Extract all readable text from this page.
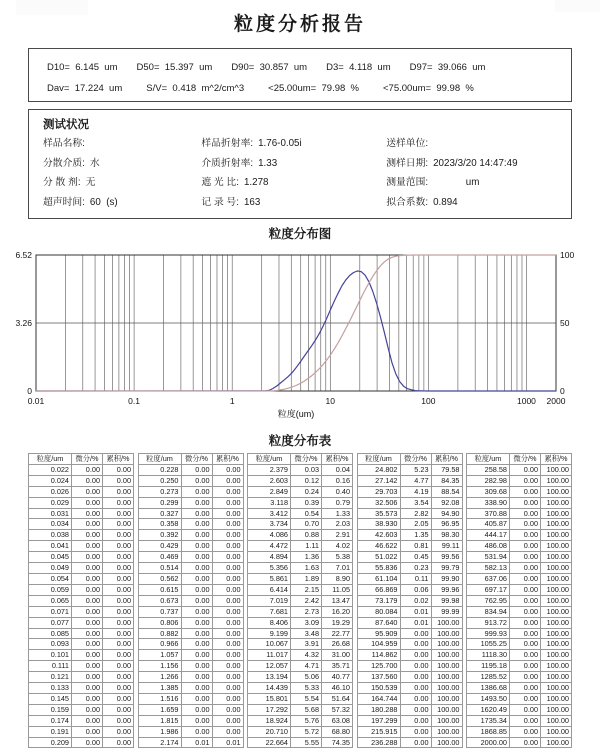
粒度分析报告
D10=  6.145  um D50=  15.397  um D90=  30.857  um D3=  4.118  um D97=  39.066  um
Dav=  17.224  um	S/V=  0.418  m^2/cm^3	<25.00um=  79.98  %	<75.00um=  99.98  %
测试状况
样品名称:	样品折射率: 1.76-0.05i	送样单位:
分散介质: 水	介质折射率: 1.33	测样日期: 2023/3/20 14:47:49
分 散 剂: 无	遮 光 比: 1.278	测量范围:            um
超声时间: 60  (s)	记 录 号: 163	拟合系数: 0.894
粒度分布图
6.52
3.26
0
100
50
0
0.01	0.1	1	10	100	1000 2000
粒度(um)
粒度分布表
粒度/um	微分/%	累积/%
0.022	0.00	0.00
0.024	0.00	0.00
0.026	0.00	0.00
0.029	0.00	0.00
0.031	0.00	0.00
0.034	0.00	0.00
0.038	0.00	0.00
0.041	0.00	0.00
0.045	0.00	0.00
0.049	0.00	0.00
0.054	0.00	0.00
0.059	0.00	0.00
0.065	0.00	0.00
0.071	0.00	0.00
0.077	0.00	0.00
0.085	0.00	0.00
0.093	0.00	0.00
0.101	0.00	0.00
0.111	0.00	0.00
0.121	0.00	0.00
0.133	0.00	0.00
0.145	0.00	0.00
0.159	0.00	0.00
0.174	0.00	0.00
0.191	0.00	0.00
0.209	0.00	0.00
粒度/um	微分/%	累积/%
0.228	0.00	0.00
0.250	0.00	0.00
0.273	0.00	0.00
0.299	0.00	0.00
0.327	0.00	0.00
0.358	0.00	0.00
0.392	0.00	0.00
0.429	0.00	0.00
0.469	0.00	0.00
0.514	0.00	0.00
0.562	0.00	0.00
0.615	0.00	0.00
0.673	0.00	0.00
0.737	0.00	0.00
0.806	0.00	0.00
0.882	0.00	0.00
0.966	0.00	0.00
1.057	0.00	0.00
1.156	0.00	0.00
1.266	0.00	0.00
1.385	0.00	0.00
1.516	0.00	0.00
1.659	0.00	0.00
1.815	0.00	0.00
1.986	0.00	0.00
2.174	0.01	0.01
粒度/um	微分/%	累积/%
2.379	0.03	0.04
2.603	0.12	0.16
2.849	0.24	0.40
3.118	0.39	0.79
3.412	0.54	1.33
3.734	0.70	2.03
4.086	0.88	2.91
4.472	1.11	4.02
4.894	1.36	5.38
5.356	1.63	7.01
5.861	1.89	8.90
6.414	2.15	11.05
7.019	2.42	13.47
7.681	2.73	16.20
8.406	3.09	19.29
9.199	3.48	22.77
10.067	3.91	26.68
11.017	4.32	31.00
12.057	4.71	35.71
13.194	5.06	40.77
14.439	5.33	46.10
15.801	5.54	51.64
17.292	5.68	57.32
18.924	5.76	63.08
20.710	5.72	68.80
22.664	5.55	74.35
粒度/um	微分/%	累积/%
24.802	5.23	79.58
27.142	4.77	84.35
29.703	4.19	88.54
32.506	3.54	92.08
35.573	2.82	94.90
38.930	2.05	96.95
42.603	1.35	98.30
46.622	0.81	99.11
51.022	0.45	99.56
55.836	0.23	99.79
61.104	0.11	99.90
66.869	0.06	99.96
73.179	0.02	99.98
80.084	0.01	99.99
87.640	0.01	100.00
95.909	0.00	100.00
104.959	0.00	100.00
114.862	0.00	100.00
125.700	0.00	100.00
137.560	0.00	100.00
150.539	0.00	100.00
164.744	0.00	100.00
180.288	0.00	100.00
197.299	0.00	100.00
215.915	0.00	100.00
236.288	0.00	100.00
粒度/um	微分/%	累积/%
258.58	0.00	100.00
282.98	0.00	100.00
309.68	0.00	100.00
338.90	0.00	100.00
370.88	0.00	100.00
405.87	0.00	100.00
444.17	0.00	100.00
486.08	0.00	100.00
531.94	0.00	100.00
582.13	0.00	100.00
637.06	0.00	100.00
697.17	0.00	100.00
762.95	0.00	100.00
834.94	0.00	100.00
913.72	0.00	100.00
999.93	0.00	100.00
1055.25	0.00	100.00
1118.30	0.00	100.00
1195.18	0.00	100.00
1285.52	0.00	100.00
1386.68	0.00	100.00
1493.50	0.00	100.00
1620.49	0.00	100.00
1735.34	0.00	100.00
1868.85	0.00	100.00
2000.00	0.00	100.00
